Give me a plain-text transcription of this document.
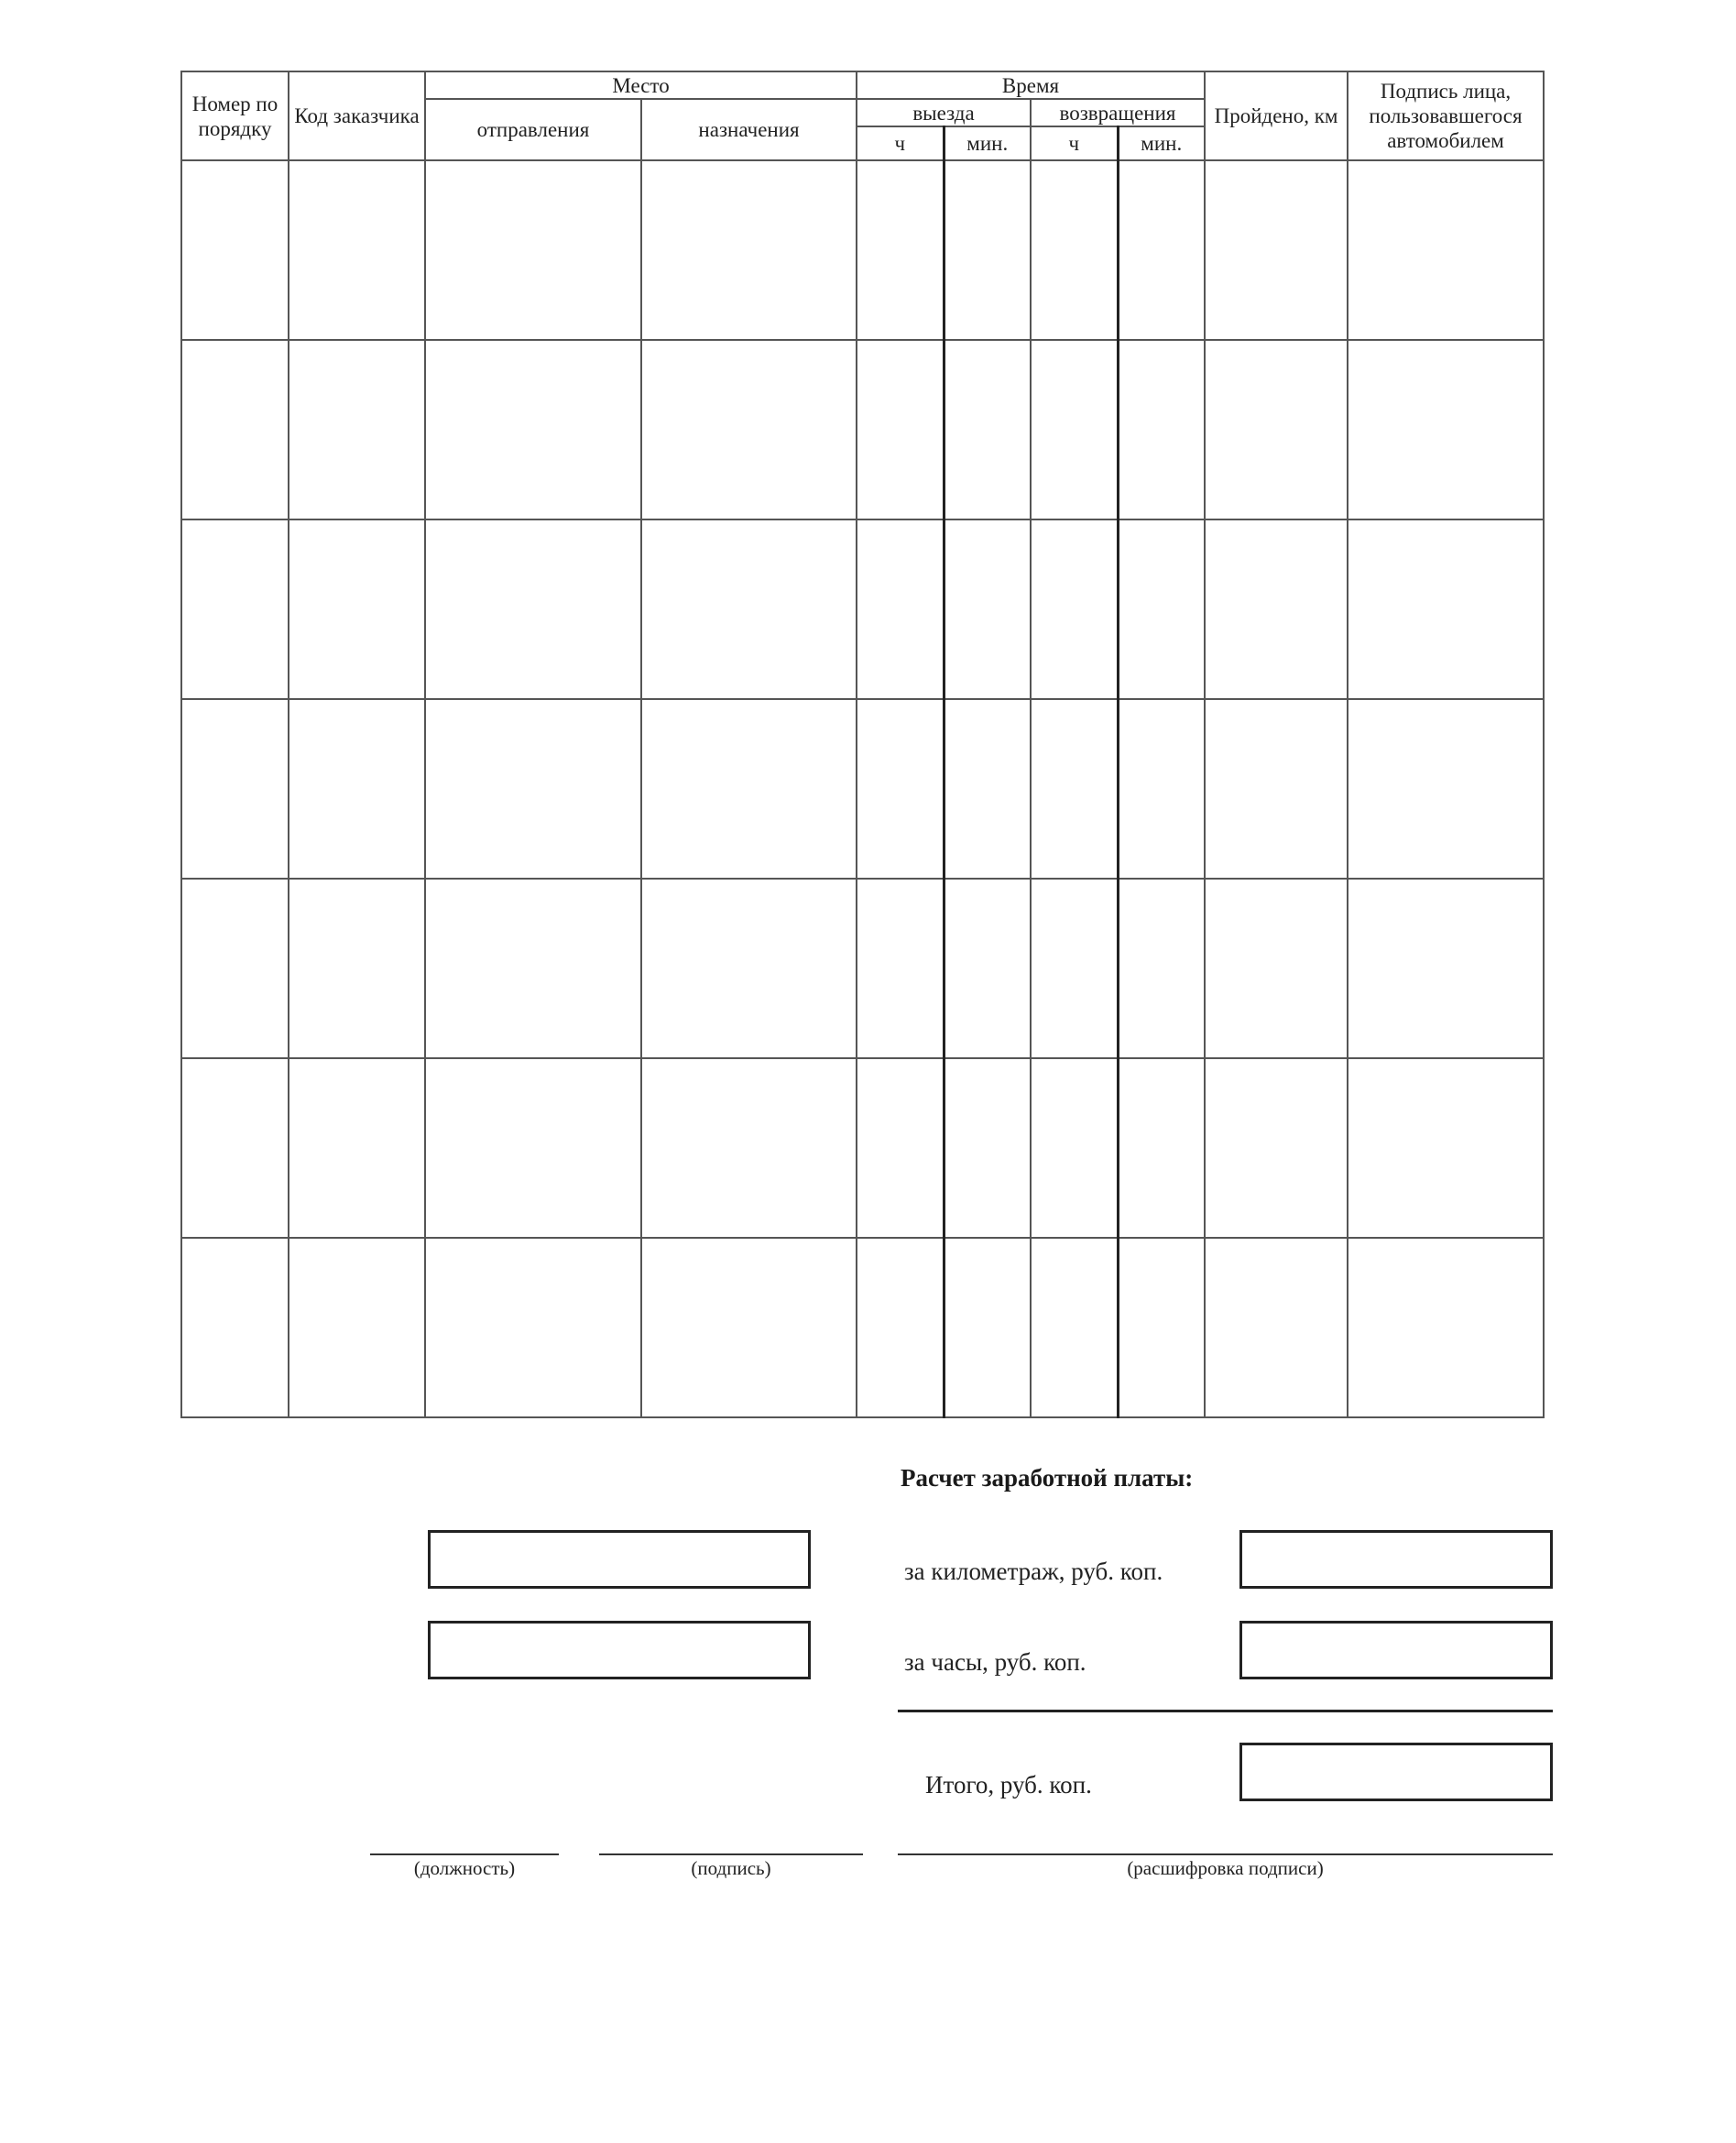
Номер по порядку	Код заказчика	Место		Время				Пройдено, км	Подпись лица, пользовавшегося автомобилем
		отправления	назначения	выезда		возвращения			
				ч	мин.	ч	мин.		

Расчет заработной платы:
за километраж, руб. коп.
за часы, руб. коп.
Итого, руб. коп.
(должность)	(подпись)	(расшифровка подписи)
